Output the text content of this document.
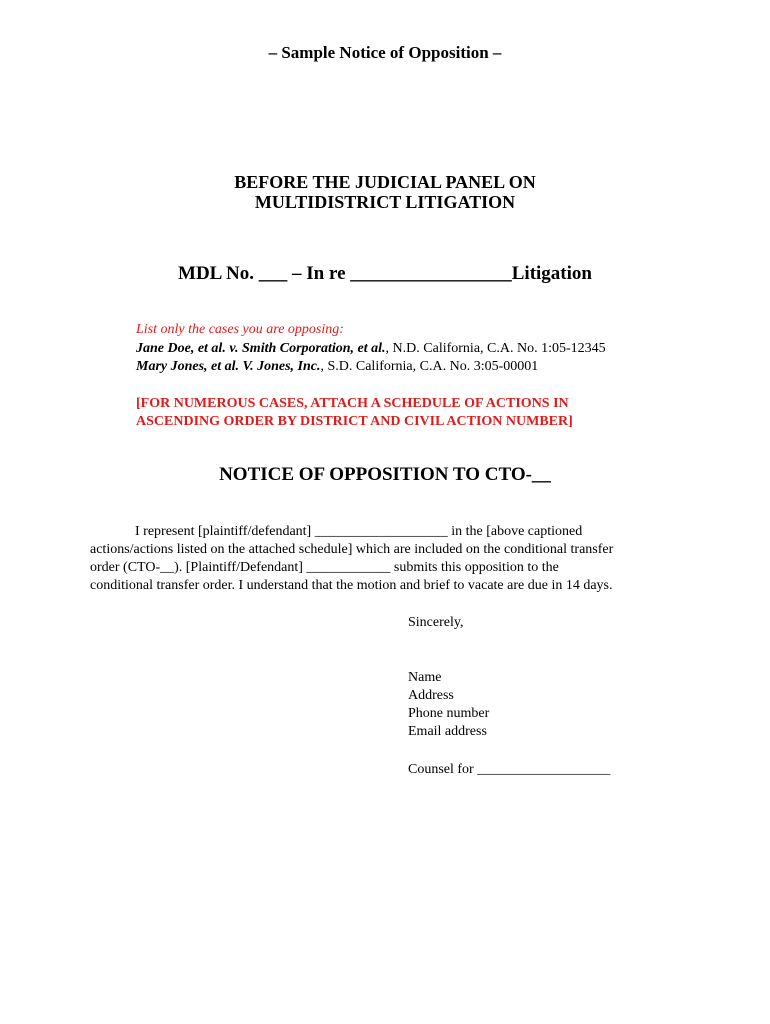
– Sample Notice of Opposition –
BEFORE THE JUDICIAL PANEL ON
MULTIDISTRICT LITIGATION
MDL No. ___ – In re _________________Litigation
List only the cases you are opposing:
Jane Doe, et al. v. Smith Corporation, et al., N.D. California, C.A. No. 1:05-12345
Mary Jones, et al. V. Jones, Inc., S.D. California, C.A. No. 3:05-00001
[FOR NUMEROUS CASES, ATTACH A SCHEDULE OF ACTIONS IN
ASCENDING ORDER BY DISTRICT AND CIVIL ACTION NUMBER]
NOTICE OF OPPOSITION TO CTO-__
I represent [plaintiff/defendant] ___________________ in the [above captioned
actions/actions listed on the attached schedule] which are included on the conditional transfer
order (CTO-__). [Plaintiff/Defendant] ____________ submits this opposition to the
conditional transfer order. I understand that the motion and brief to vacate are due in 14 days.
Sincerely,
Name
Address
Phone number
Email address
Counsel for ___________________
